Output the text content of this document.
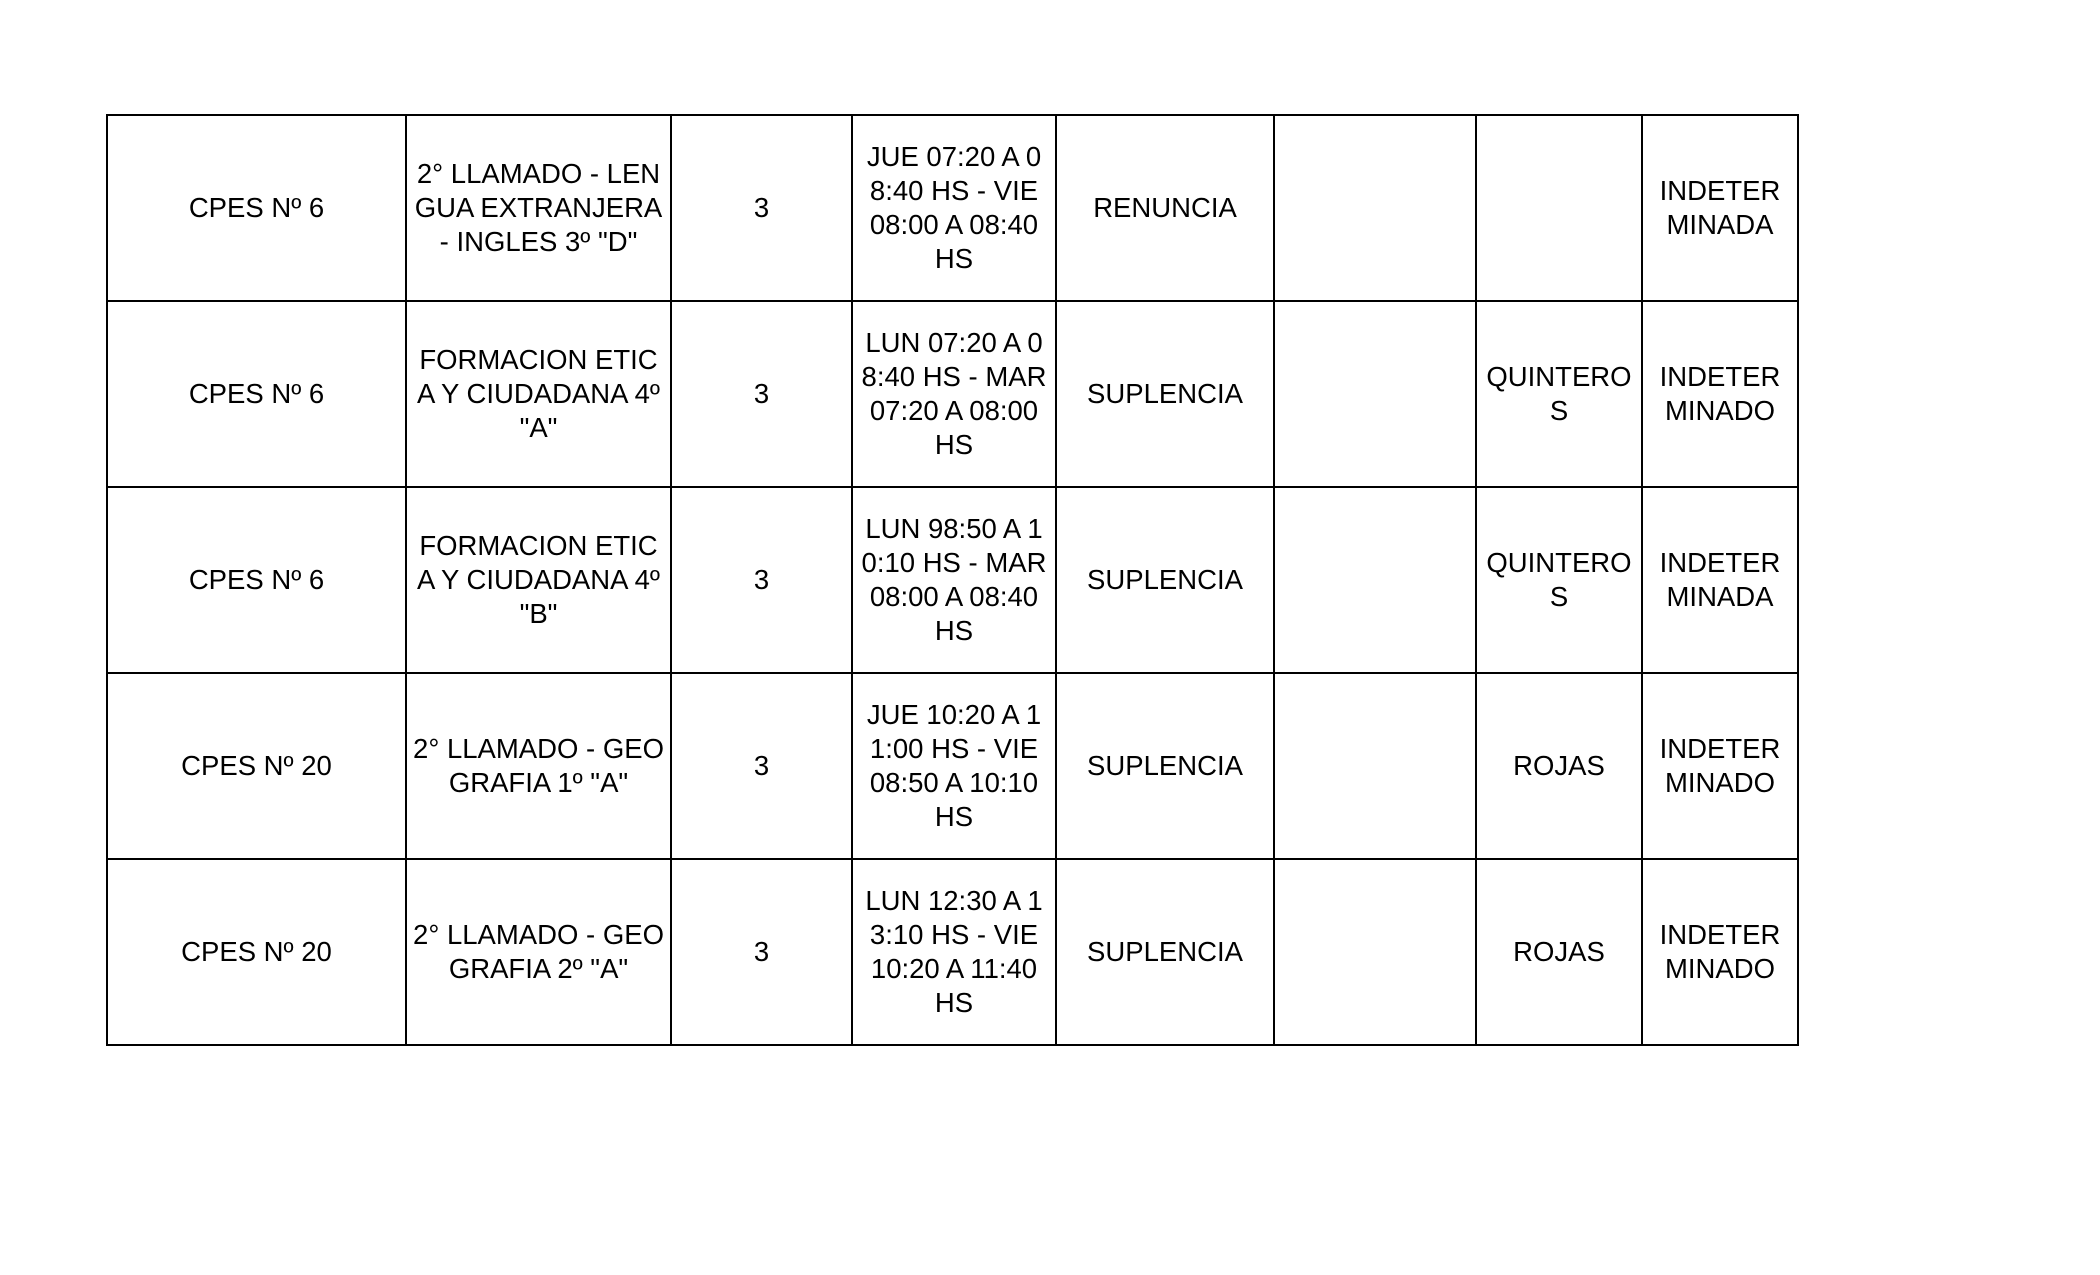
CPES Nº 6	2° LLAMADO - LENGUA EXTRANJERA - INGLES 3º "D"	3	JUE 07:20 A 08:40 HS - VIE 08:00 A 08:40 HS	RENUNCIA			INDETERMINADA

CPES Nº 6	FORMACION ETICA Y CIUDADANA 4º "A"	3	LUN 07:20 A 08:40 HS - MAR 07:20 A 08:00 HS	SUPLENCIA		QUINTEROS	INDETERMINADO

CPES Nº 6	FORMACION ETICA Y CIUDADANA 4º "B"	3	LUN 98:50 A 10:10 HS - MAR 08:00 A 08:40 HS	SUPLENCIA		QUINTEROS	INDETERMINADA

CPES Nº 20	2° LLAMADO - GEOGRAFIA 1º "A"	3	JUE 10:20 A 11:00 HS - VIE 08:50 A 10:10 HS	SUPLENCIA		ROJAS	INDETERMINADO

CPES Nº 20	2° LLAMADO - GEOGRAFIA 2º "A"	3	LUN 12:30 A 13:10 HS - VIE 10:20 A 11:40 HS	SUPLENCIA		ROJAS	INDETERMINADO
